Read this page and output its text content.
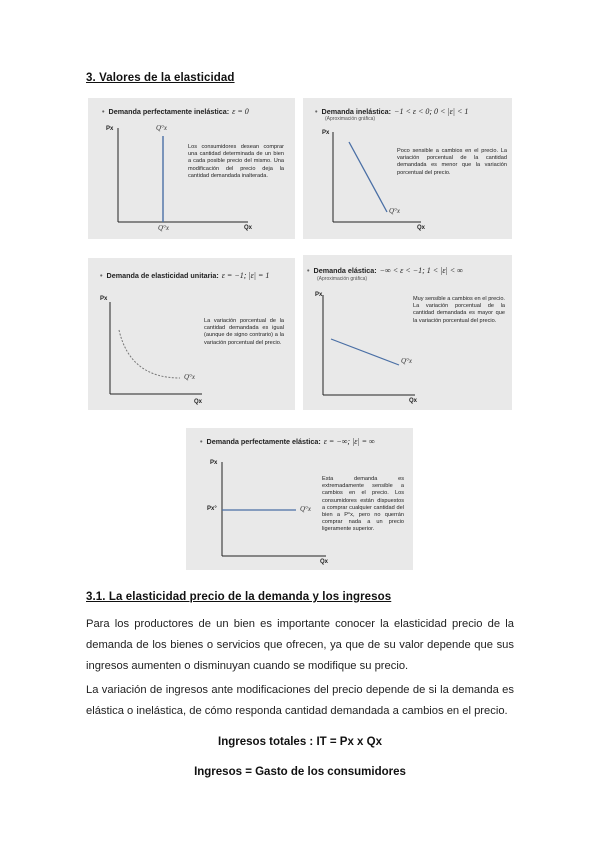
3. Valores de la elasticidad
• Demanda perfectamente inelástica: ε = 0
Px
Qx
Q°x
Q°x
Los consumidores desean comprar una cantidad determinada de un bien a cada posible precio del mismo. Una modificación del precio deja la cantidad demandada inalterada.
• Demanda inelástica: −1 < ε < 0; 0 < |ε| < 1
(Aproximación gráfica)
Px
Qx
Q°x
Poco sensible a cambios en el precio. La variación porcentual de la cantidad demandada es menor que la variación porcentual del precio.
• Demanda de elasticidad unitaria: ε = −1; |ε| = 1
Px
Qx
Q°x
La variación porcentual de la cantidad demandada es igual (aunque de signo contrario) a la variación porcentual del precio.
• Demanda elástica: −∞ < ε < −1; 1 < |ε| < ∞
(Aproximación gráfica)
Px
Qx
Q°x
Muy sensible a cambios en el precio. La variación porcentual de la cantidad demandada es mayor que la variación porcentual del precio.
• Demanda perfectamente elástica: ε = −∞; |ε| = ∞
Px
Qx
Px°	Q°x
Esta demanda es extremadamente sensible a cambios en el precio. Los consumidores están dispuestos a comprar cualquier cantidad del bien a P°x, pero no querrán comprar nada a un precio ligeramente superior.
3.1. La elasticidad precio de la demanda y los ingresos
Para los productores de un bien es importante conocer la elasticidad precio de la demanda de los bienes o servicios que ofrecen, ya que de su valor depende que sus ingresos aumenten o disminuyan cuando se modifique su precio.
La variación de ingresos ante modificaciones del precio depende de si la demanda es elástica o inelástica, de cómo responda cantidad demandada a cambios en el precio.
Ingresos totales : IT = Px x Qx
Ingresos = Gasto de los consumidores
